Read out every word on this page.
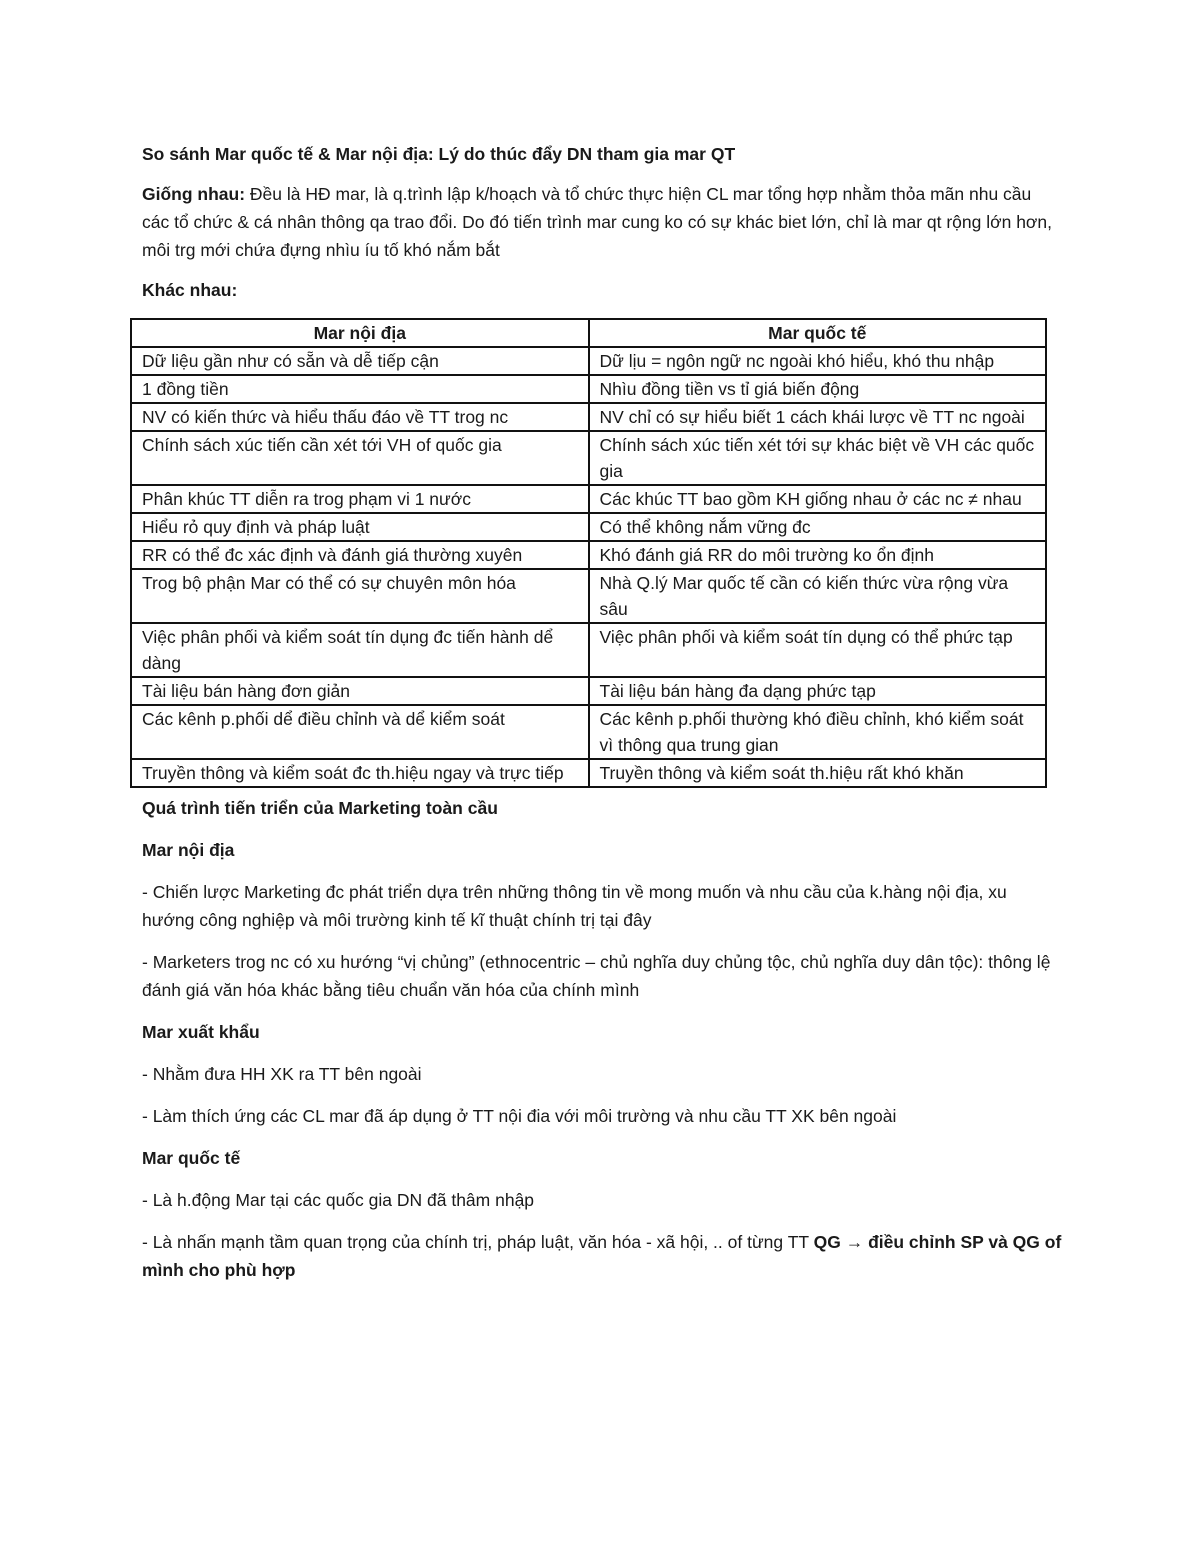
So sánh Mar quốc tế & Mar nội địa: Lý do thúc đẩy DN tham gia mar QT

Giống nhau: Đều là HĐ mar, là q.trình lập k/hoạch và tổ chức thực hiện CL mar tổng hợp nhằm thỏa mãn nhu cầu các tổ chức & cá nhân thông qa trao đổi. Do đó tiến trình mar cung ko có sự khác biet lớn, chỉ là mar qt rộng lớn hơn, môi trg mới chứa đựng nhìu íu tố khó nắm bắt

Khác nhau:

Mar nội địa	Mar quốc tế
Dữ liệu gần như có sẵn và dễ tiếp cận	Dữ lịu = ngôn ngữ nc ngoài khó hiểu, khó thu nhập
1 đồng tiền	Nhìu đồng tiền vs tỉ giá biến động
NV có kiến thức và hiểu thấu đáo về TT trog nc	NV chỉ có sự hiểu biết 1 cách khái lược về TT nc ngoài
Chính sách xúc tiến cần xét tới VH of quốc gia	Chính sách xúc tiến xét tới sự khác biệt về VH các quốc gia
Phân khúc TT diễn ra trog phạm vi 1 nước	Các khúc TT bao gồm KH giống nhau ở các nc ≠ nhau
Hiểu rỏ quy định và pháp luật	Có thể không nắm vững đc
RR có thể đc xác định và đánh giá thường xuyên	Khó đánh giá RR do môi trường ko ổn định
Trog bộ phận Mar có thể có sự chuyên môn hóa	Nhà Q.lý Mar quốc tế cần có kiến thức vừa rộng vừa sâu
Việc phân phối và kiểm soát tín dụng đc tiến hành dể dàng	Việc phân phối và kiểm soát tín dụng có thể phức tạp
Tài liệu bán hàng đơn giản	Tài liệu bán hàng đa dạng phức tạp
Các kênh p.phối dể điều chỉnh và dể kiểm soát	Các kênh p.phối thường khó điều chỉnh, khó kiểm soát vì thông qua trung gian
Truyền thông và kiểm soát đc th.hiệu ngay và trực tiếp	Truyền thông và kiểm soát th.hiệu rất khó khăn

Quá trình tiến triển của Marketing toàn cầu

Mar nội địa

- Chiến lược Marketing đc phát triển dựa trên những thông tin về mong muốn và nhu cầu của k.hàng nội địa, xu hướng công nghiệp và môi trường kinh tế kĩ thuật chính trị tại đây

- Marketers trog nc có xu hướng “vị chủng” (ethnocentric – chủ nghĩa duy chủng tộc, chủ nghĩa duy dân tộc): thông lệ đánh giá văn hóa khác bằng tiêu chuẩn văn hóa của chính mình

Mar xuất khẩu

- Nhằm đưa HH XK ra TT bên ngoài

- Làm thích ứng các CL mar đã áp dụng ở TT nội đia với môi trường và nhu cầu TT XK bên ngoài

Mar quốc tế

- Là h.động Mar tại các quốc gia DN đã thâm nhập

- Là nhấn mạnh tầm quan trọng của chính trị, pháp luật, văn hóa - xã hội, .. of từng TT QG → điều chỉnh SP và QG of mình cho phù hợp
